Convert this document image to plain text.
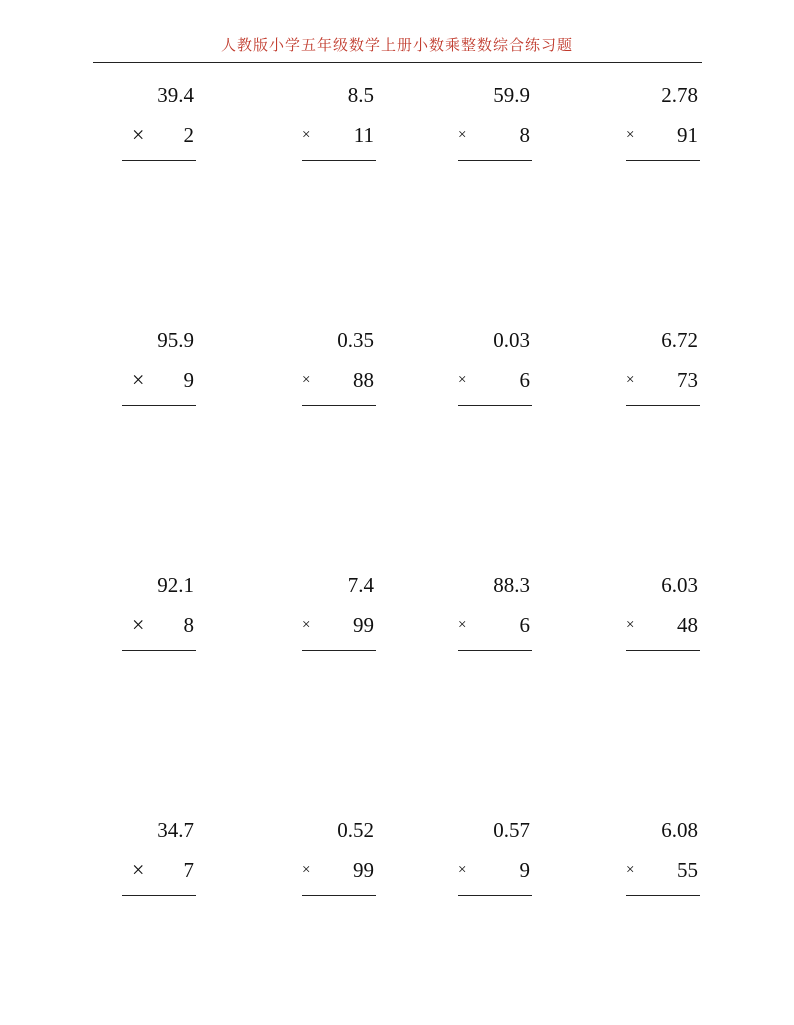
人教版小学五年级数学上册小数乘整数综合练习题
39.4
× 2
8.5
× 11
59.9
×	8
2.78
× 91
95.9
× 9
0.35
× 88
0.03
×	6
6.72
× 73
92.1
× 8
7.4
× 99
88.3
×	6
6.03
× 48
34.7
× 7
0.52
× 99
0.57
×	9
6.08
× 55
